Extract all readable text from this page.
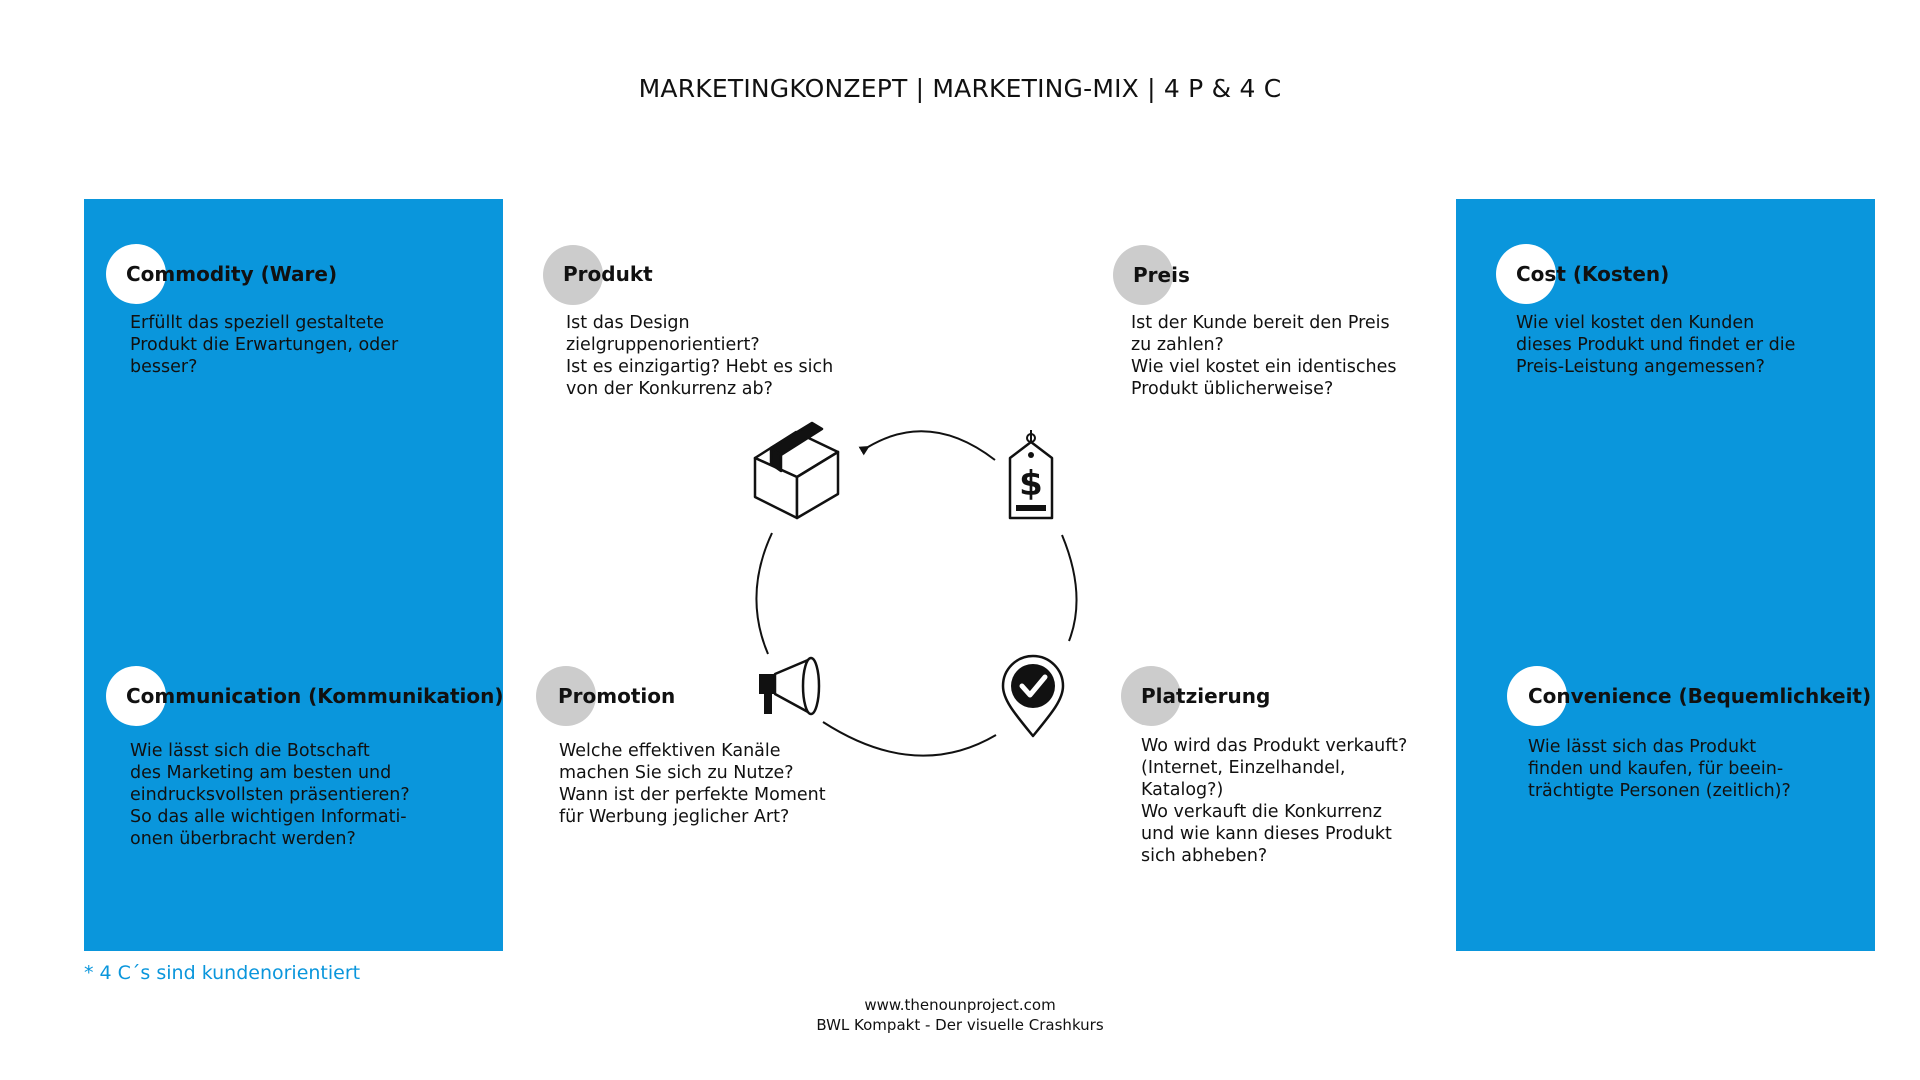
MARKETINGKONZEPT | MARKETING-MIX | 4 P & 4 C
Commodity (Ware)
Erfüllt das speziell gestaltete
Produkt die Erwartungen, oder
besser?
Communication (Kommunikation)
Wie lässt sich die Botschaft
des Marketing am besten und
eindrucksvollsten präsentieren?
So das alle wichtigen Informati-
onen überbracht werden?
Cost (Kosten)
Wie viel kostet den Kunden
dieses Produkt und findet er die
Preis-Leistung angemessen?
Convenience (Bequemlichkeit)
Wie lässt sich das Produkt
finden und kaufen, für beein-
trächtigte Personen (zeitlich)?
Produkt
Ist das Design
zielgruppenorientiert?
Ist es einzigartig? Hebt es sich
von der Konkurrenz ab?
Preis
Ist der Kunde bereit den Preis
zu zahlen?
Wie viel kostet ein identisches
Produkt üblicherweise?
Promotion
Welche effektiven Kanäle
machen Sie sich zu Nutze?
Wann ist der perfekte Moment
für Werbung jeglicher Art?
Platzierung
Wo wird das Produkt verkauft?
(Internet, Einzelhandel,
Katalog?)
Wo verkauft die Konkurrenz
und wie kann dieses Produkt
sich abheben?
$
* 4 C´s sind kundenorientiert
www.thenounproject.com
BWL Kompakt - Der visuelle Crashkurs
